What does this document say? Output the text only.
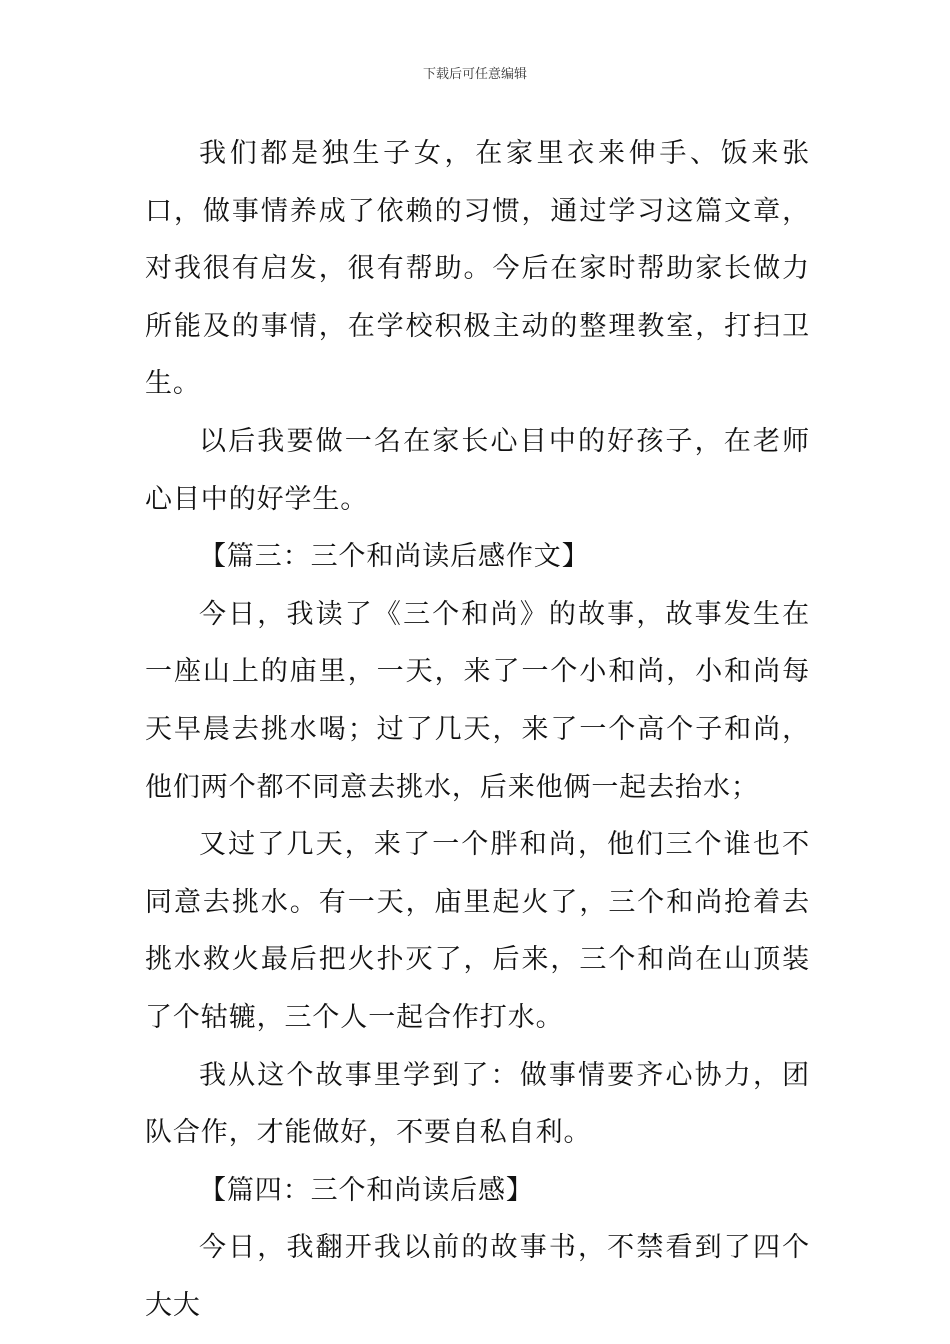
下载后可任意编辑

我们都是独生子女，在家里衣来伸手、饭来张口，做事情养成了依赖的习惯，通过学习这篇文章，对我很有启发，很有帮助。今后在家时帮助家长做力所能及的事情，在学校积极主动的整理教室，打扫卫生。

以后我要做一名在家长心目中的好孩子，在老师心目中的好学生。

【篇三：三个和尚读后感作文】

今日，我读了《三个和尚》的故事，故事发生在一座山上的庙里，一天，来了一个小和尚，小和尚每天早晨去挑水喝；过了几天，来了一个高个子和尚，他们两个都不同意去挑水，后来他俩一起去抬水；

又过了几天，来了一个胖和尚，他们三个谁也不同意去挑水。有一天，庙里起火了，三个和尚抢着去挑水救火最后把火扑灭了，后来，三个和尚在山顶装了个轱辘，三个人一起合作打水。

我从这个故事里学到了：做事情要齐心协力，团队合作，才能做好，不要自私自利。

【篇四：三个和尚读后感】

今日，我翻开我以前的故事书，不禁看到了四个大大
